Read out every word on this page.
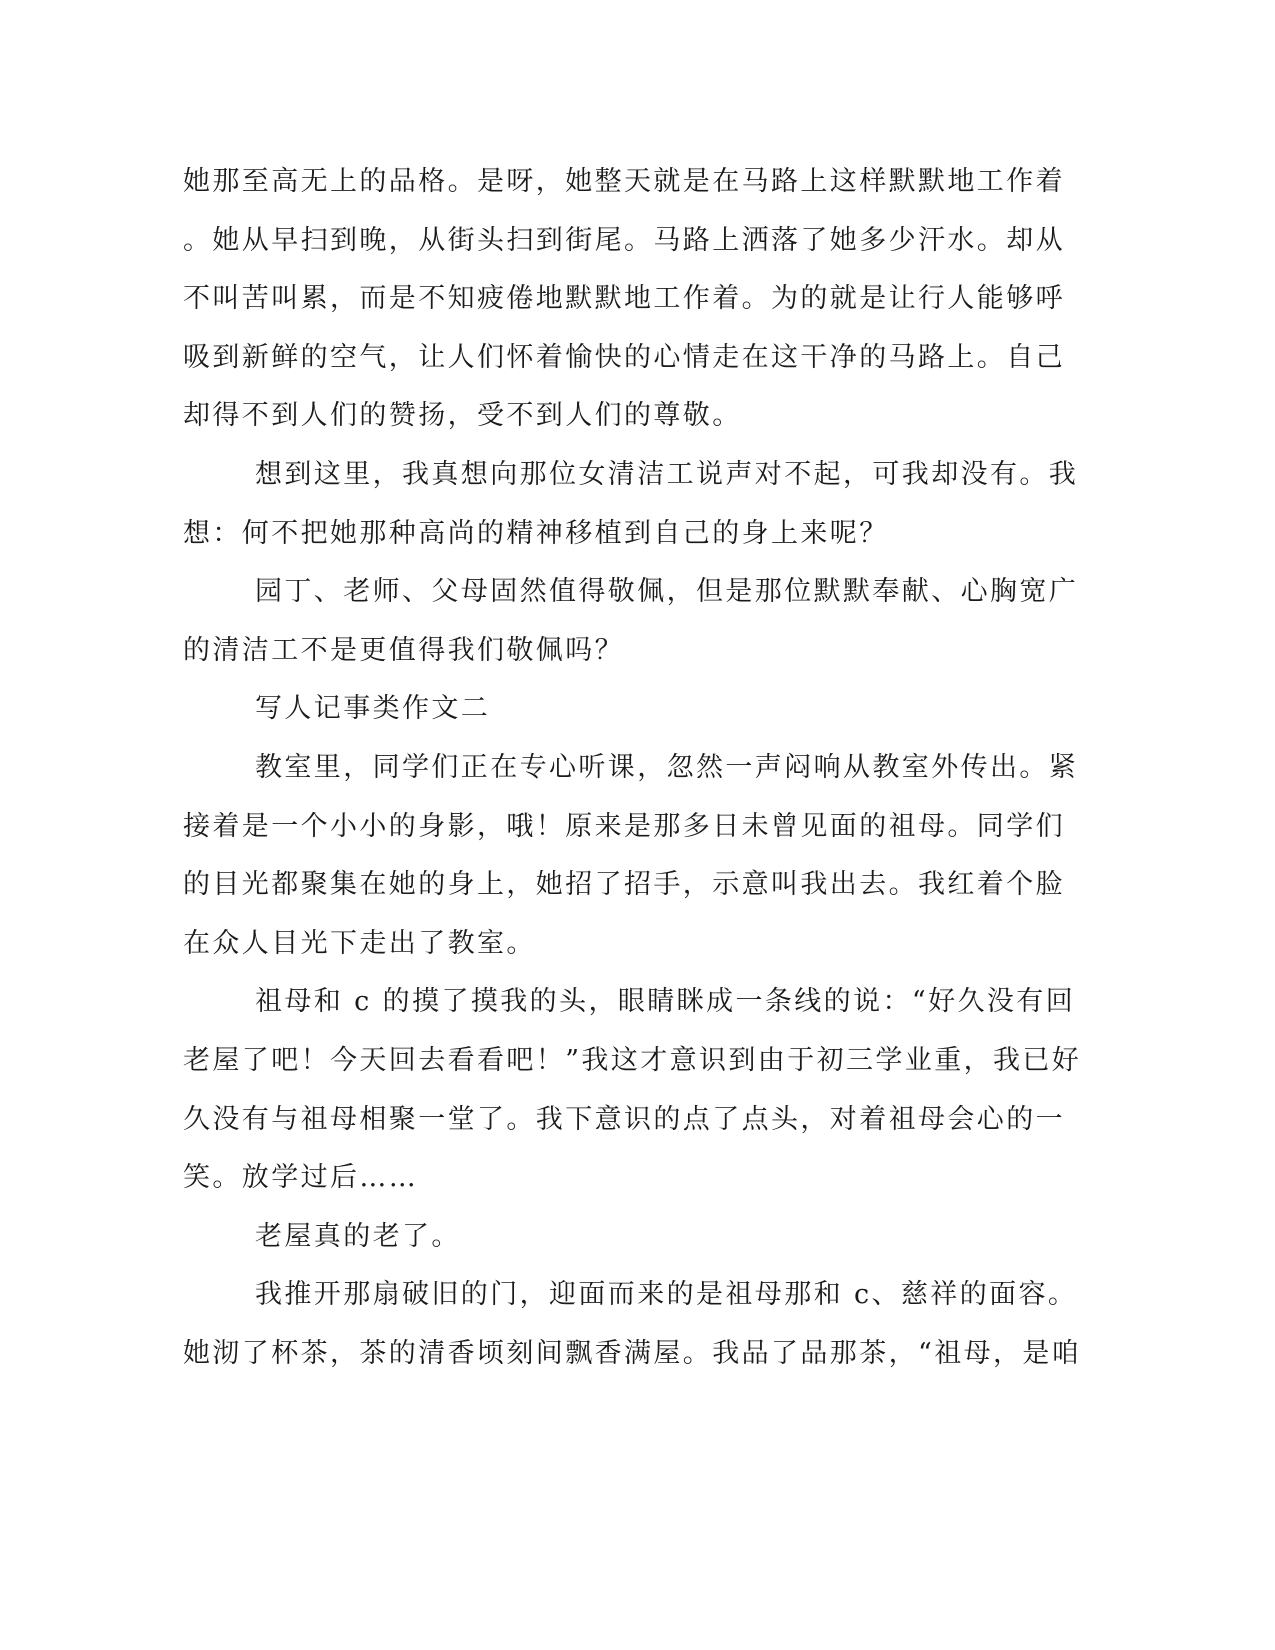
她那至高无上的品格。是呀，她整天就是在马路上这样默默地工作着
。她从早扫到晚，从街头扫到街尾。马路上洒落了她多少汗水。却从
不叫苦叫累，而是不知疲倦地默默地工作着。为的就是让行人能够呼
吸到新鲜的空气，让人们怀着愉快的心情走在这干净的马路上。自己
却得不到人们的赞扬，受不到人们的尊敬。
想到这里，我真想向那位女清洁工说声对不起，可我却没有。我
想：何不把她那种高尚的精神移植到自己的身上来呢？
园丁、老师、父母固然值得敬佩，但是那位默默奉献、心胸宽广
的清洁工不是更值得我们敬佩吗？
写人记事类作文二
教室里，同学们正在专心听课，忽然一声闷响从教室外传出。紧
接着是一个小小的身影，哦！原来是那多日未曾见面的祖母。同学们
的目光都聚集在她的身上，她招了招手，示意叫我出去。我红着个脸
在众人目光下走出了教室。
祖母和 c 的摸了摸我的头，眼睛眯成一条线的说：“好久没有回
老屋了吧！今天回去看看吧！”我这才意识到由于初三学业重，我已好
久没有与祖母相聚一堂了。我下意识的点了点头，对着祖母会心的一
笑。放学过后……
老屋真的老了。
我推开那扇破旧的门，迎面而来的是祖母那和 c、慈祥的面容。
她沏了杯茶，茶的清香顷刻间飘香满屋。我品了品那茶，“祖母，是咱
